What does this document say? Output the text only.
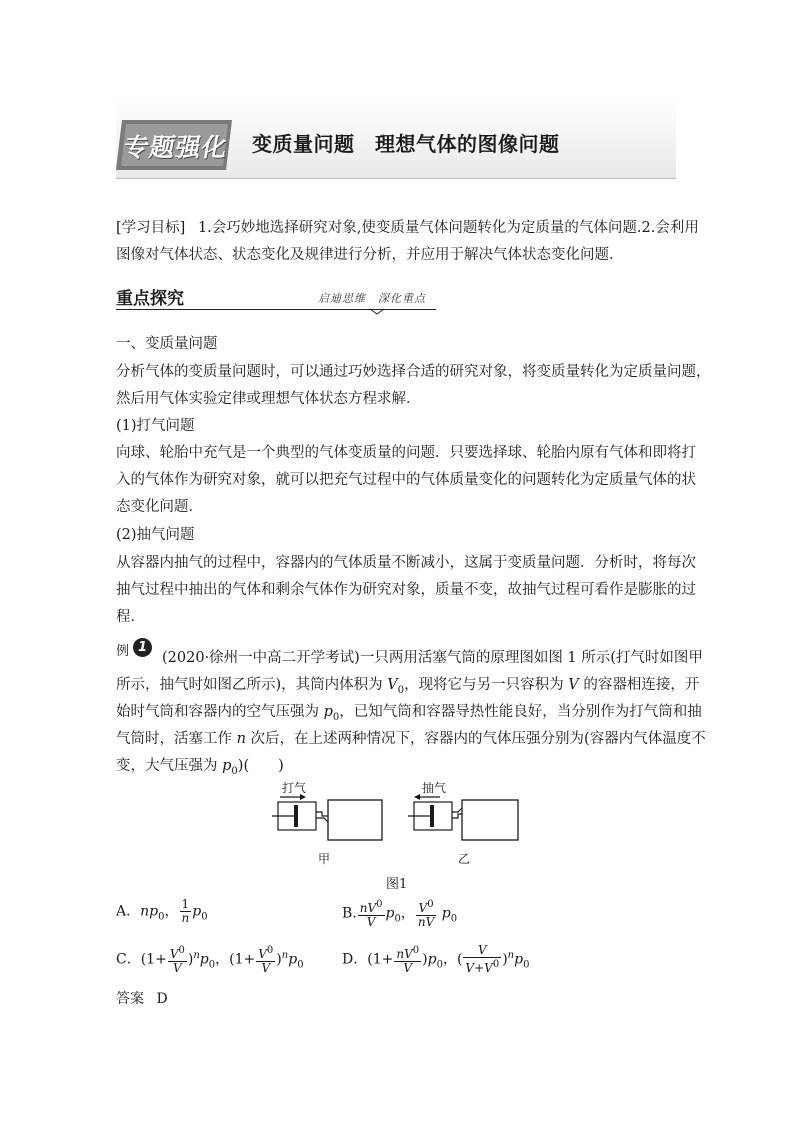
专题强化 变质量问题　理想气体的图像问题
[学习目标] 1.会巧妙地选择研究对象,使变质量气体问题转化为定质量的气体问题.2.会利用
图像对气体状态、状态变化及规律进行分析，并应用于解决气体状态变化问题．
重点探究	启迪思维　深化重点
一、变质量问题
分析气体的变质量问题时，可以通过巧妙选择合适的研究对象，将变质量转化为定质量问题，
然后用气体实验定律或理想气体状态方程求解．
(1)打气问题
向球、轮胎中充气是一个典型的气体变质量的问题．只要选择球、轮胎内原有气体和即将打
入的气体作为研究对象，就可以把充气过程中的气体质量变化的问题转化为定质量气体的状
态变化问题．
(2)抽气问题
从容器内抽气的过程中，容器内的气体质量不断减小，这属于变质量问题．分析时，将每次
抽气过程中抽出的气体和剩余气体作为研究对象，质量不变，故抽气过程可看作是膨胀的过
程．
例 1
(2020·徐州一中高二开学考试)一只两用活塞气筒的原理图如图 1 所示(打气时如图甲
所示，抽气时如图乙所示)，其筒内体积为 $V_0$，现将它与另一只容积为 V 的容器相连接，开
始时气筒和容器内的空气压强为 $p_0$，已知气筒和容器导热性能良好，当分别作为打气筒和抽
气筒时，活塞工作 n 次后，在上述两种情况下，容器内的气体压强分别为(容器内气体温度不
变，大气压强为 $p_0$)(　　)
打气	抽气
甲	乙
图1
A．$np_0$， $\frac{1}{n} p_0$	B. $\frac{nV^0}{V} p_0$， $\frac{V^0}{nV} p_0$
C．$(1+ \frac{V^0}{V} )^np_0$，$(1+ \frac{V^0}{V} )^np_0$	D．$(1+ \frac{nV^0}{V} )p_0$，( $\frac{V}{V+V^0} )^np_0$
答案 D
